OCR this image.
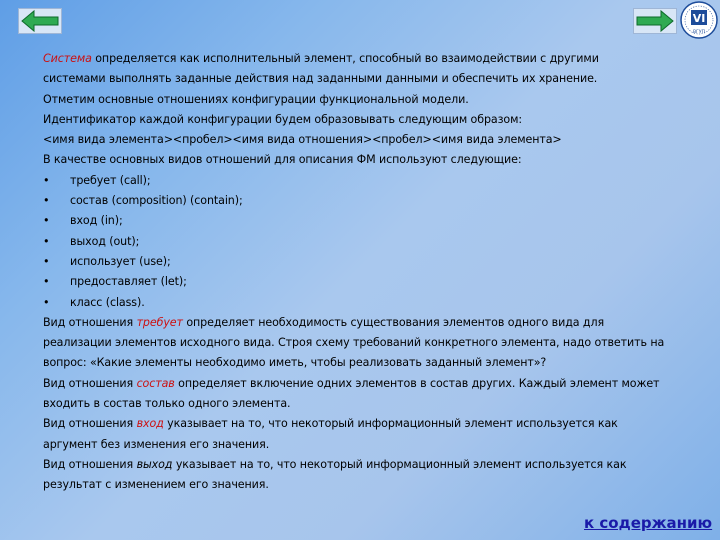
VI
ВГУП
Система определяется как исполнительный элемент, способный во взаимодействии с другими
системами выполнять заданные действия над заданными данными и обеспечить их хранение.
Отметим основные отношениях конфигурации функциональной модели.
Идентификатор каждой конфигурации будем образовывать следующим образом:
<имя вида элемента><пробел><имя вида отношения><пробел><имя вида элемента>
В качестве основных видов отношений для описания ФМ используют следующие:
• требует (call);
• состав (composition) (contain);
• вход (in);
• выход (out);
• использует (use);
• предоставляет (let);
• класс (class).
Вид отношения требует определяет необходимость существования элементов одного вида для
реализации элементов исходного вида. Строя схему требований конкретного элемента, надо ответить на
вопрос: «Какие элементы необходимо иметь, чтобы реализовать заданный элемент»?
Вид отношения состав определяет включение одних элементов в состав других. Каждый элемент может
входить в состав только одного элемента.
Вид отношения вход указывает на то, что некоторый информационный элемент используется как
аргумент без изменения его значения.
Вид отношения выход указывает на то, что некоторый информационный элемент используется как
результат с изменением его значения.
к содержанию
